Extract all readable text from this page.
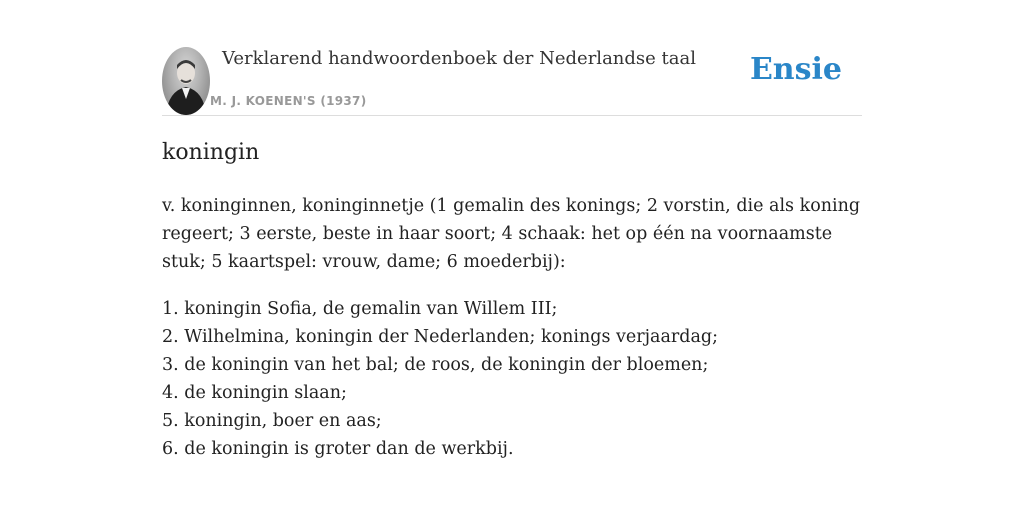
Verklarend handwoordenboek der Nederlandse taal
M. J. KOENEN'S (1937)
Ensie
koningin
v. koninginnen, koninginnetje (1 gemalin des konings; 2 vorstin, die als koning regeert; 3 eerste, beste in haar soort; 4 schaak: het op één na voornaamste stuk; 5 kaartspel: vrouw, dame; 6 moederbij):
1. koningin Sofia, de gemalin van Willem III;
2. Wilhelmina, koningin der Nederlanden; konings verjaardag;
3. de koningin van het bal; de roos, de koningin der bloemen;
4. de koningin slaan;
5. koningin, boer en aas;
6. de koningin is groter dan de werkbij.
